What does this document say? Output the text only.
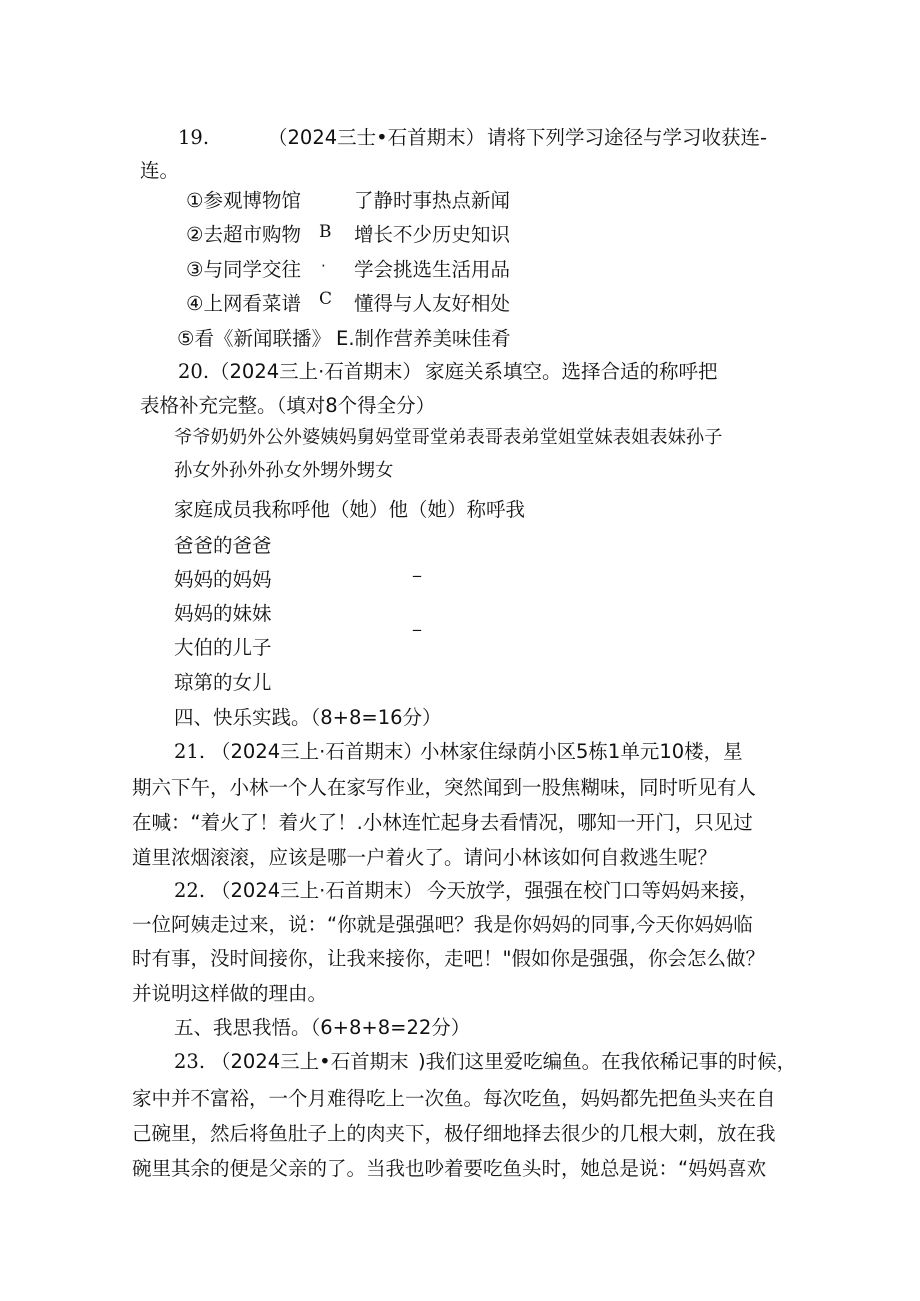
19.	（2024三士•石首期末） 请将下列学习途径与学习收获连-
连。
①参观博物馆
②去超市购物
③与同学交往
④上网看菜谱
⑤看《新闻联播》
B
·
C
了静时事热点新闻
增长不少历史知识
学会挑选生活用品
懂得与人友好相处
E.制作营养美味佳肴
20. （2024三上·石首期末） 家庭关系填空。选择合适的称呼把
表格补充完整。（填对8个得全分）
爷爷奶奶外公外婆姨妈舅妈堂哥堂弟表哥表弟堂姐堂妹表姐表妹孙子
孙女外孙外孙女外甥外甥女
家庭成员我称呼他（她）他（她）称呼我
爸爸的爸爸
妈妈的妈妈
妈妈的妹妹
大伯的儿子
琼第的女儿
_
_
四、快乐实践。（8+8=16分）
21. （2024三上·石首期末）
小林家住绿荫小区5栋1单元10楼，星
期六下午，小林一个人在家写作业，突然闻到一股焦糊味，同时听见有人
在喊：“着火了！着火了！.小林连忙起身去看情况，哪知一开门，只见过
道里浓烟滚滚，应该是哪一户着火了。请问小林该如何自救逃生呢？
22. （2024三上·石首期末） 今天放学，强强在校门口等妈妈来接，
一位阿姨走过来，说：“你就是强强吧？我是你妈妈的同事,今天你妈妈临
时有事，没时间接你，让我来接你，走吧！"假如你是强强，你会怎么做？
并说明这样做的理由。
五、我思我悟。（6+8+8=22分）
23. （2024三上•石首期末 )我们这里爱吃编鱼。在我依稀记事的时候，
家中并不富裕，一个月难得吃上一次鱼。每次吃鱼，妈妈都先把鱼头夹在自
己碗里，然后将鱼肚子上的肉夹下，极仔细地择去很少的几根大刺，放在我
碗里其余的便是父亲的了。当我也吵着要吃鱼头时，她总是说：“妈妈喜欢
